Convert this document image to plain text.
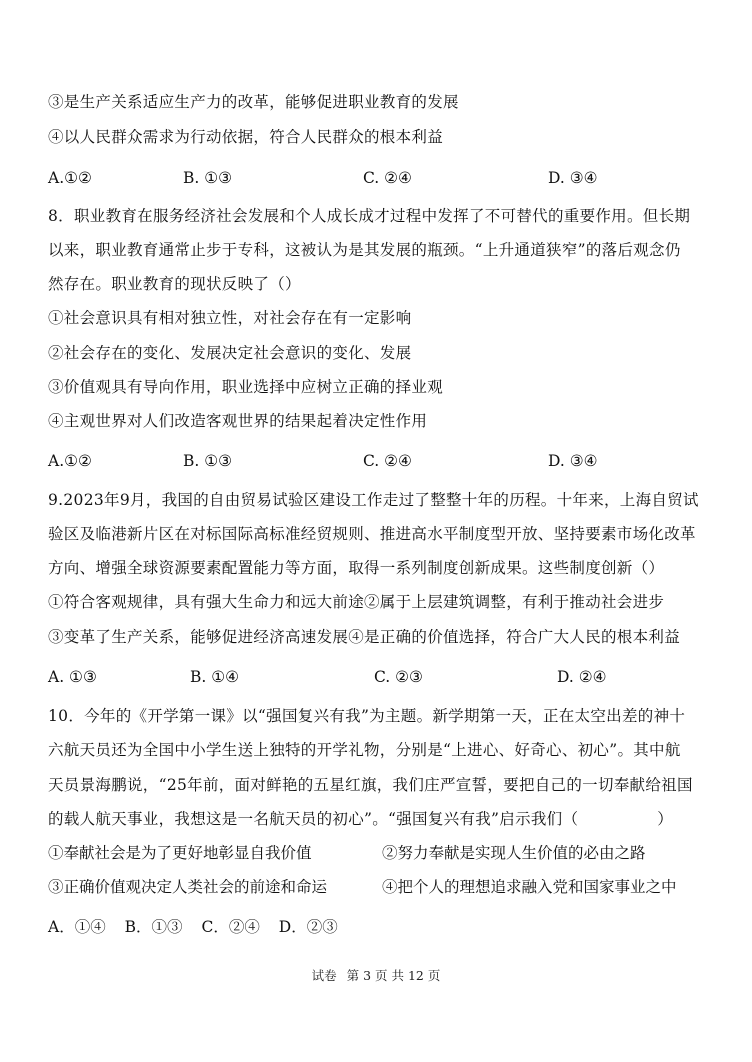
③是生产关系适应生产力的改革，能够促进职业教育的发展
④以人民群众需求为行动依据，符合人民群众的根本利益
A.①②	B. ①③	C. ②④	D. ③④
8．职业教育在服务经济社会发展和个人成长成才过程中发挥了不可替代的重要作用。但长期
以来，职业教育通常止步于专科，这被认为是其发展的瓶颈。“上升通道狭窄”的落后观念仍
然存在。职业教育的现状反映了（）
①社会意识具有相对独立性，对社会存在有一定影响
②社会存在的变化、发展决定社会意识的变化、发展
③价值观具有导向作用，职业选择中应树立正确的择业观
④主观世界对人们改造客观世界的结果起着决定性作用
A.①②	B. ①③	C. ②④	D. ③④
9.2023年9月，我国的自由贸易试验区建设工作走过了整整十年的历程。十年来，上海自贸试
验区及临港新片区在对标国际高标准经贸规则、推进高水平制度型开放、坚持要素市场化改革
方向、增强全球资源要素配置能力等方面，取得一系列制度创新成果。这些制度创新（）
①符合客观规律，具有强大生命力和远大前途②属于上层建筑调整，有利于推动社会进步
③变革了生产关系，能够促进经济高速发展④是正确的价值选择，符合广大人民的根本利益
A. ①③	B. ①④	C. ②③	D. ②④
10．今年的《开学第一课》以“强国复兴有我”为主题。新学期第一天，正在太空出差的神十
六航天员还为全国中小学生送上独特的开学礼物，分别是“上进心、好奇心、初心”。其中航
天员景海鹏说，“25年前，面对鲜艳的五星红旗，我们庄严宣誓，要把自己的一切奉献给祖国
的载人航天事业，我想这是一名航天员的初心”。“强国复兴有我”启示我们（　　　　　）
①奉献社会是为了更好地彰显自我价值	②努力奉献是实现人生价值的必由之路
③正确价值观决定人类社会的前途和命运	④把个人的理想追求融入党和国家事业之中
A．①④ B．①③ C．②④ D．②③
试卷 第 3 页 共 12 页
